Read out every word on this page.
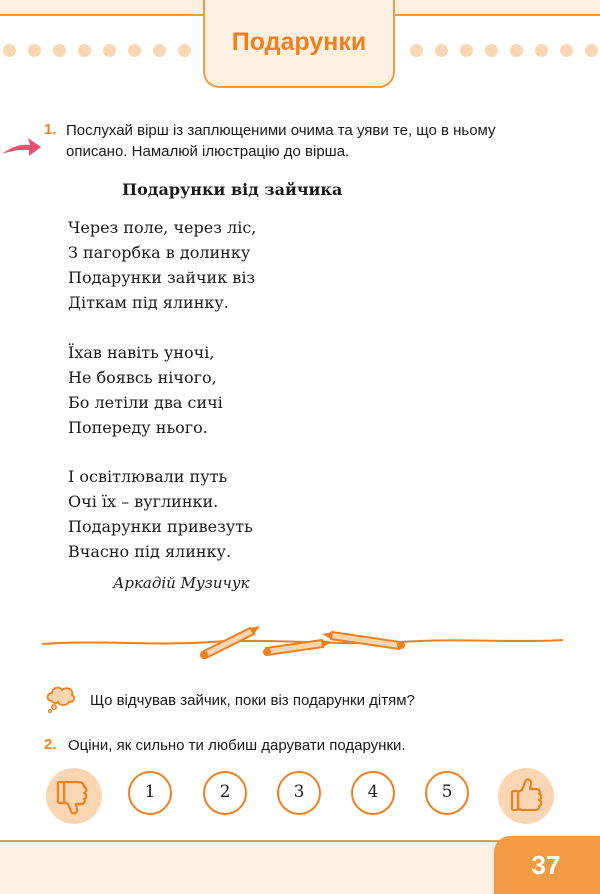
Подарунки
1. Послухай вірш із заплющеними очима та уяви те, що в ньому
описано. Намалюй ілюстрацію до вірша.
Подарунки від зайчика
Через поле, через ліс,
З пагорбка в долинку
Подарунки зайчик віз
Діткам під ялинку.
Їхав навіть уночі,
Не боявсь нічого,
Бо летіли два сичі
Попереду нього.
І освітлювали путь
Очі їх – вуглинки.
Подарунки привезуть
Вчасно під ялинку.
Аркадій Музичук
Що відчував зайчик, поки віз подарунки дітям?
2. Оціни, як сильно ти любиш дарувати подарунки.
1	2	3	4	5
37
